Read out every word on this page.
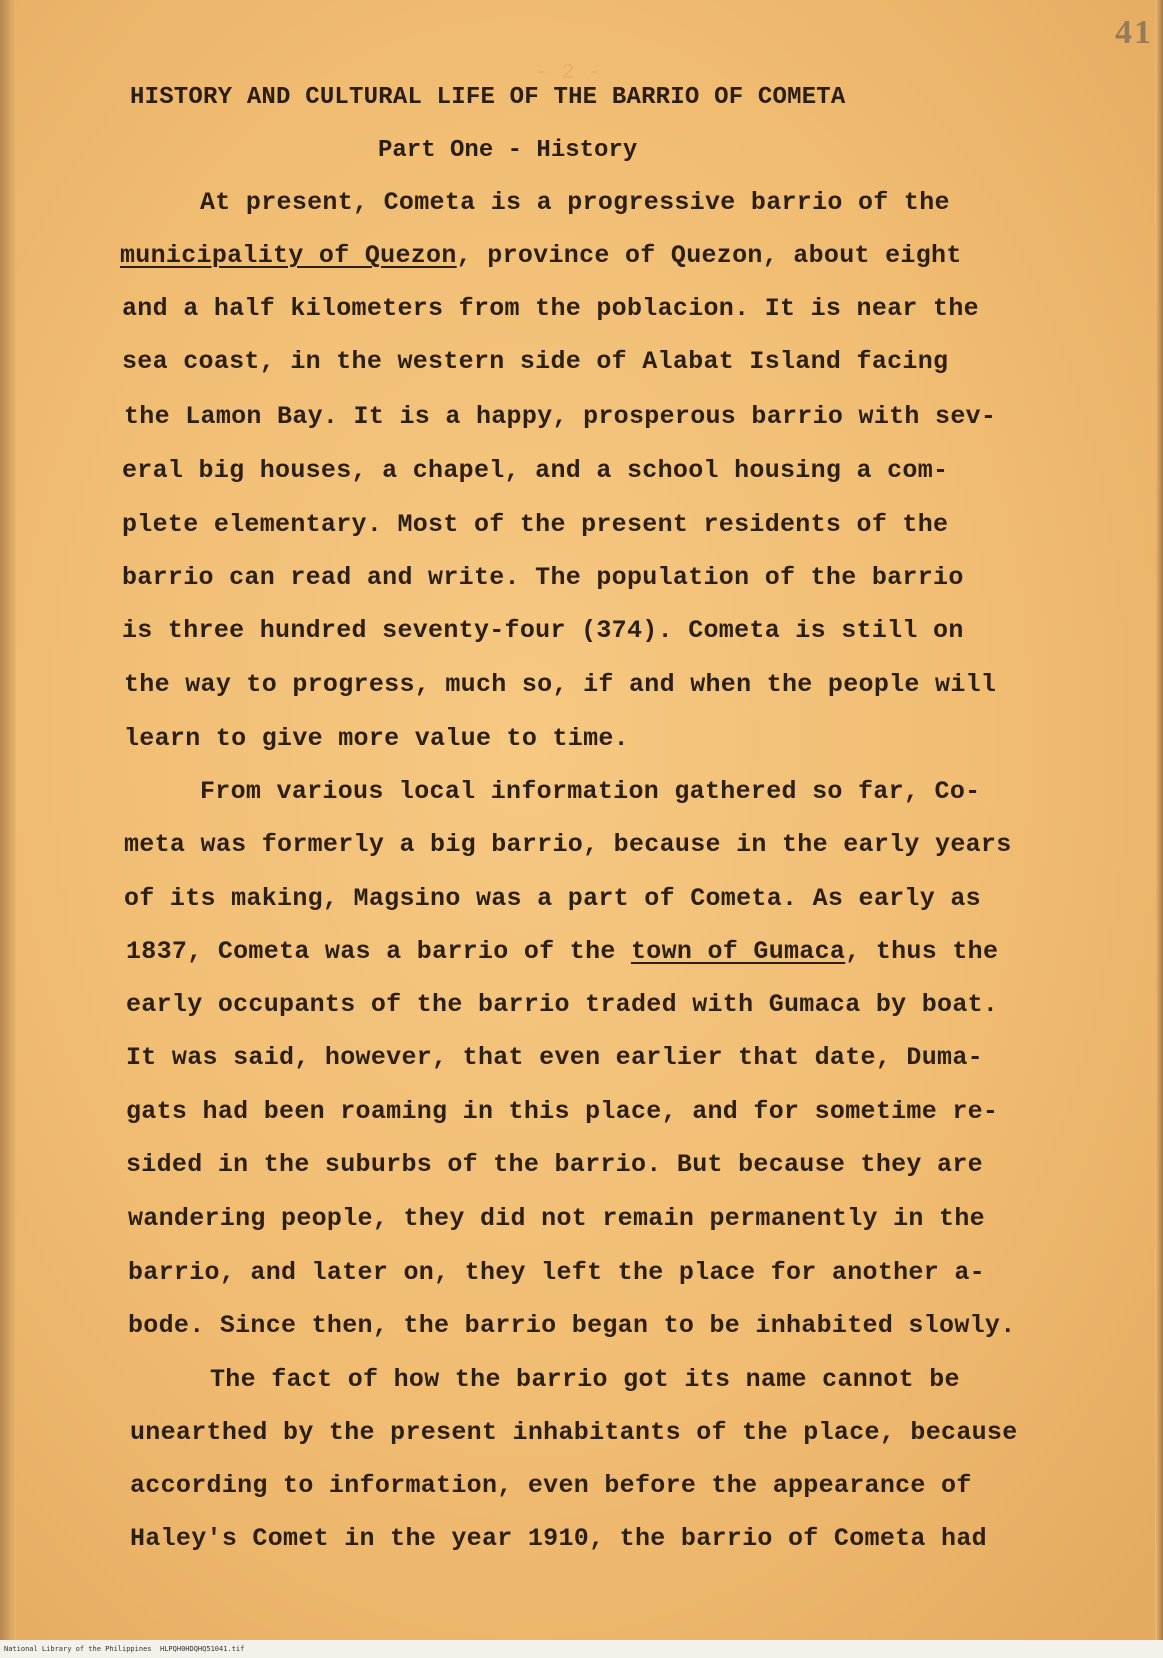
41
- 2 -
HISTORY AND CULTURAL LIFE OF THE BARRIO OF COMETA
Part One - History
At present, Cometa is a progressive barrio of the
municipality of Quezon, province of Quezon, about eight
and a half kilometers from the poblacion. It is near the
sea coast, in the western side of Alabat Island facing
the Lamon Bay. It is a happy, prosperous barrio with sev-
eral big houses, a chapel, and a school housing a com-
plete elementary. Most of the present residents of the
barrio can read and write. The population of the barrio
is three hundred seventy-four (374). Cometa is still on
the way to progress, much so, if and when the people will
learn to give more value to time.
From various local information gathered so far, Co-
meta was formerly a big barrio, because in the early years
of its making, Magsino was a part of Cometa. As early as
1837, Cometa was a barrio of the town of Gumaca, thus the
early occupants of the barrio traded with Gumaca by boat.
It was said, however, that even earlier that date, Duma-
gats had been roaming in this place, and for sometime re-
sided in the suburbs of the barrio. But because they are
wandering people, they did not remain permanently in the
barrio, and later on, they left the place for another a-
bode. Since then, the barrio began to be inhabited slowly.
The fact of how the barrio got its name cannot be
unearthed by the present inhabitants of the place, because
according to information, even before the appearance of
Haley's Comet in the year 1910, the barrio of Cometa had
National Library of the Philippines HLPQH0HDQHQ51041.tif
